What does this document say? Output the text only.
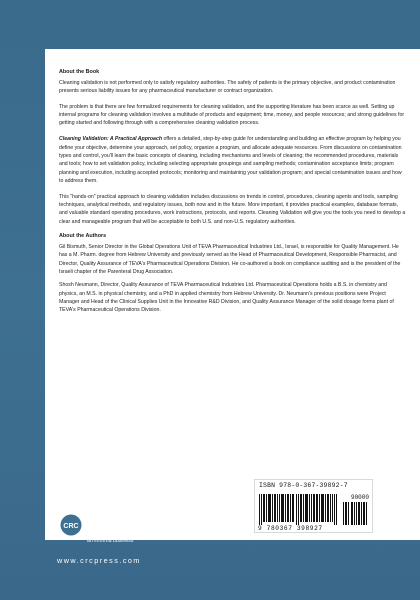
About the Book

Cleaning validation is not performed only to satisfy regulatory authorities. The safety of patients is the primary objective, and product contamination presents serious liability issues for any pharmaceutical manufacturer or contract organization.

The problem is that there are few formalized requirements for cleaning validation, and the supporting literature has been scarce as well. Setting up internal programs for cleaning validation involves a multitude of products and equipment; time, money, and people resources; and strong guidelines for getting started and following through with a comprehensive cleaning validation process.

Cleaning Validation: A Practical Approach offers a detailed, step-by-step guide for understanding and building an effective program by helping you define your objective, determine your approach, set policy, organize a program, and allocate adequate resources. From discussions on contamination types and control, you'll learn the basic concepts of cleaning, including mechanisms and levels of cleaning; the recommended procedures, materials and tools; how to set validation policy, including selecting appropriate groupings and sampling methods; contamination acceptance limits; program planning and execution, including accepted protocols; monitoring and maintaining your validation program; and special contamination issues and how to address them.

This "hands-on" practical approach to cleaning validation includes discussions on trends in control, procedures, cleaning agents and tools, sampling techniques, analytical methods, and regulatory issues, both now and in the future. More important, it provides practical examples, database formats, and valuable standard operating procedures, work instructions, protocols, and reports. Cleaning Validation will give you the tools you need to develop a clear and manageable program that will be acceptable to both U.S. and non-U.S. regulatory authorities.

About the Authors

Gil Bismuth, Senior Director in the Global Operations Unit of TEVA Pharmaceutical Industries Ltd., Israel, is responsible for Quality Management. He has a M. Pharm. degree from Hebrew University and previously served as the Head of Pharmaceutical Development, Responsible Pharmacist, and Director, Quality Assurance of TEVA's Pharmaceutical Operations Division. He co-authored a book on compliance auditing and is the president of the Israeli chapter of the Parenteral Drug Association.

Shosh Neumann, Director, Quality Assurance of TEVA Pharmaceutical Industries Ltd. Pharmaceutical Operations holds a B.S. in chemistry and physics, an M.S. in physical chemistry, and a PhD in applied chemistry from Hebrew University. Dr. Neumann's previous positions were Project Manager and Head of the Clinical Supplies Unit in the Innovative R&D Division, and Quality Assurance Manager of the solid dosage forms plant of TEVA's Pharmaceutical Operations Division.

ISBN 978-0-367-39892-7
90000
9 780367 398927
CRC CRC Press
Taylor & Francis Group
an informa business
www.crcpress.com
